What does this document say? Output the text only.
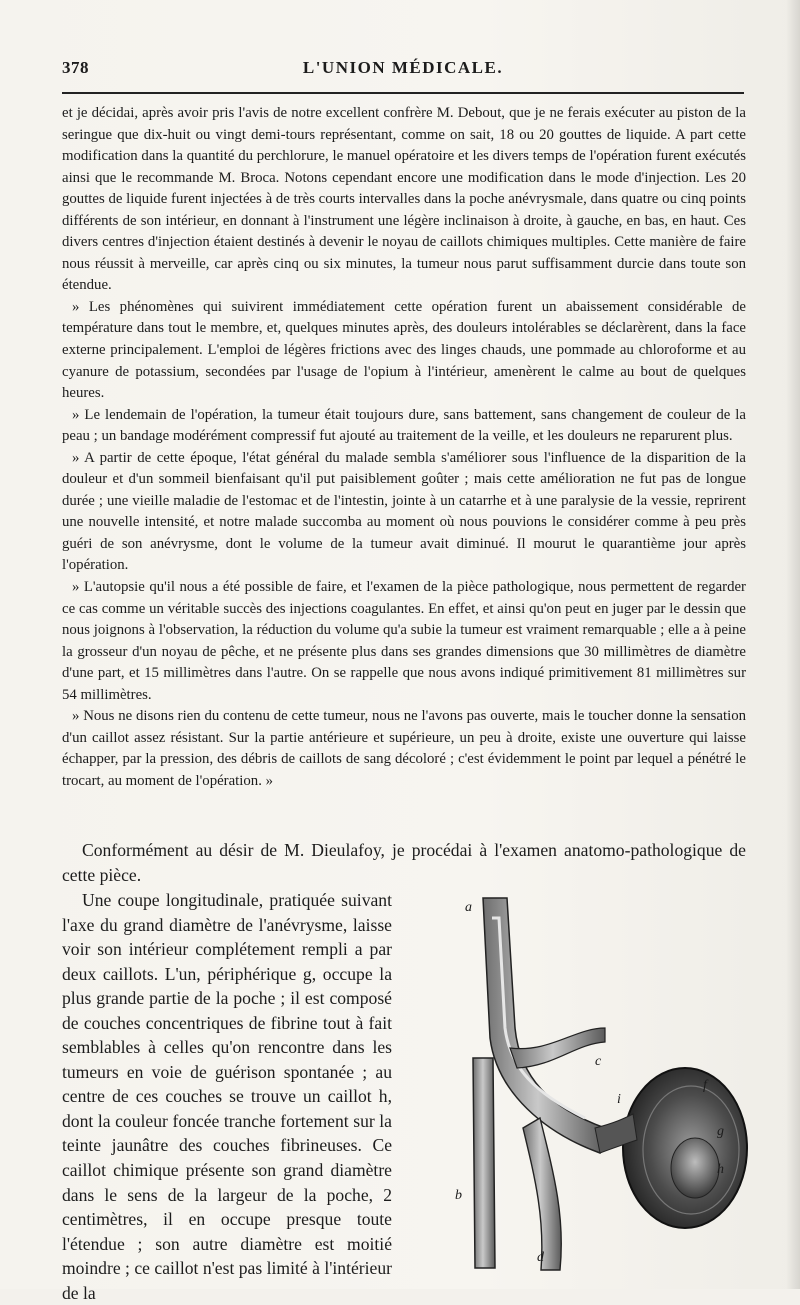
378	L'UNION MÉDICALE.

et je décidai, après avoir pris l'avis de notre excellent confrère M. Debout, que je ne ferais exécuter au piston de la seringue que dix-huit ou vingt demi-tours représentant, comme on sait, 18 ou 20 gouttes de liquide. A part cette modification dans la quantité du perchlorure, le manuel opératoire et les divers temps de l'opération furent exécutés ainsi que le recommande M. Broca. Notons cependant encore une modification dans le mode d'injection. Les 20 gouttes de liquide furent injectées à de très courts intervalles dans la poche anévrysmale, dans quatre ou cinq points différents de son intérieur, en donnant à l'instrument une légère inclinaison à droite, à gauche, en bas, en haut. Ces divers centres d'injection étaient destinés à devenir le noyau de caillots chimiques multiples. Cette manière de faire nous réussit à merveille, car après cinq ou six minutes, la tumeur nous parut suffisamment durcie dans toute son étendue.

» Les phénomènes qui suivirent immédiatement cette opération furent un abaissement considérable de température dans tout le membre, et, quelques minutes après, des douleurs intolérables se déclarèrent, dans la face externe principalement. L'emploi de légères frictions avec des linges chauds, une pommade au chloroforme et au cyanure de potassium, secondées par l'usage de l'opium à l'intérieur, amenèrent le calme au bout de quelques heures.

» Le lendemain de l'opération, la tumeur était toujours dure, sans battement, sans changement de couleur de la peau ; un bandage modérément compressif fut ajouté au traitement de la veille, et les douleurs ne reparurent plus.

» A partir de cette époque, l'état général du malade sembla s'améliorer sous l'influence de la disparition de la douleur et d'un sommeil bienfaisant qu'il put paisiblement goûter ; mais cette amélioration ne fut pas de longue durée ; une vieille maladie de l'estomac et de l'intestin, jointe à un catarrhe et à une paralysie de la vessie, reprirent une nouvelle intensité, et notre malade succomba au moment où nous pouvions le considérer comme à peu près guéri de son anévrysme, dont le volume de la tumeur avait diminué. Il mourut le quarantième jour après l'opération.

» L'autopsie qu'il nous a été possible de faire, et l'examen de la pièce pathologique, nous permettent de regarder ce cas comme un véritable succès des injections coagulantes. En effet, et ainsi qu'on peut en juger par le dessin que nous joignons à l'observation, la réduction du volume qu'a subie la tumeur est vraiment remarquable ; elle a à peine la grosseur d'un noyau de pêche, et ne présente plus dans ses grandes dimensions que 30 millimètres de diamètre d'une part, et 15 millimètres dans l'autre. On se rappelle que nous avons indiqué primitivement 81 millimètres sur 54 millimètres.

» Nous ne disons rien du contenu de cette tumeur, nous ne l'avons pas ouverte, mais le toucher donne la sensation d'un caillot assez résistant. Sur la partie antérieure et supérieure, un peu à droite, existe une ouverture qui laisse échapper, par la pression, des débris de caillots de sang décoloré ; c'est évidemment le point par lequel a pénétré le trocart, au moment de l'opération. »

Conformément au désir de M. Dieulafoy, je procédai à l'examen anatomo-pathologique de cette pièce.

Une coupe longitudinale, pratiquée suivant l'axe du grand diamètre de l'anévrysme, laisse voir son intérieur complétement rempli a par deux caillots. L'un, périphérique g, occupe la plus grande partie de la poche ; il est composé de couches concentriques de fibrine tout à fait semblables à celles qu'on rencontre dans les tumeurs en voie de guérison spontanée ; au centre de ces couches se trouve un caillot h, dont la couleur foncée tranche fortement sur la teinte jaunâtre des couches fibrineuses. Ce caillot chimique présente son grand diamètre dans le sens de la largeur de la poche, 2 centimètres, il en occupe presque toute l'étendue ; son autre diamètre est moitié moindre ; ce caillot n'est pas limité à l'intérieur de la

a
c
f
i
g
h
b
d
